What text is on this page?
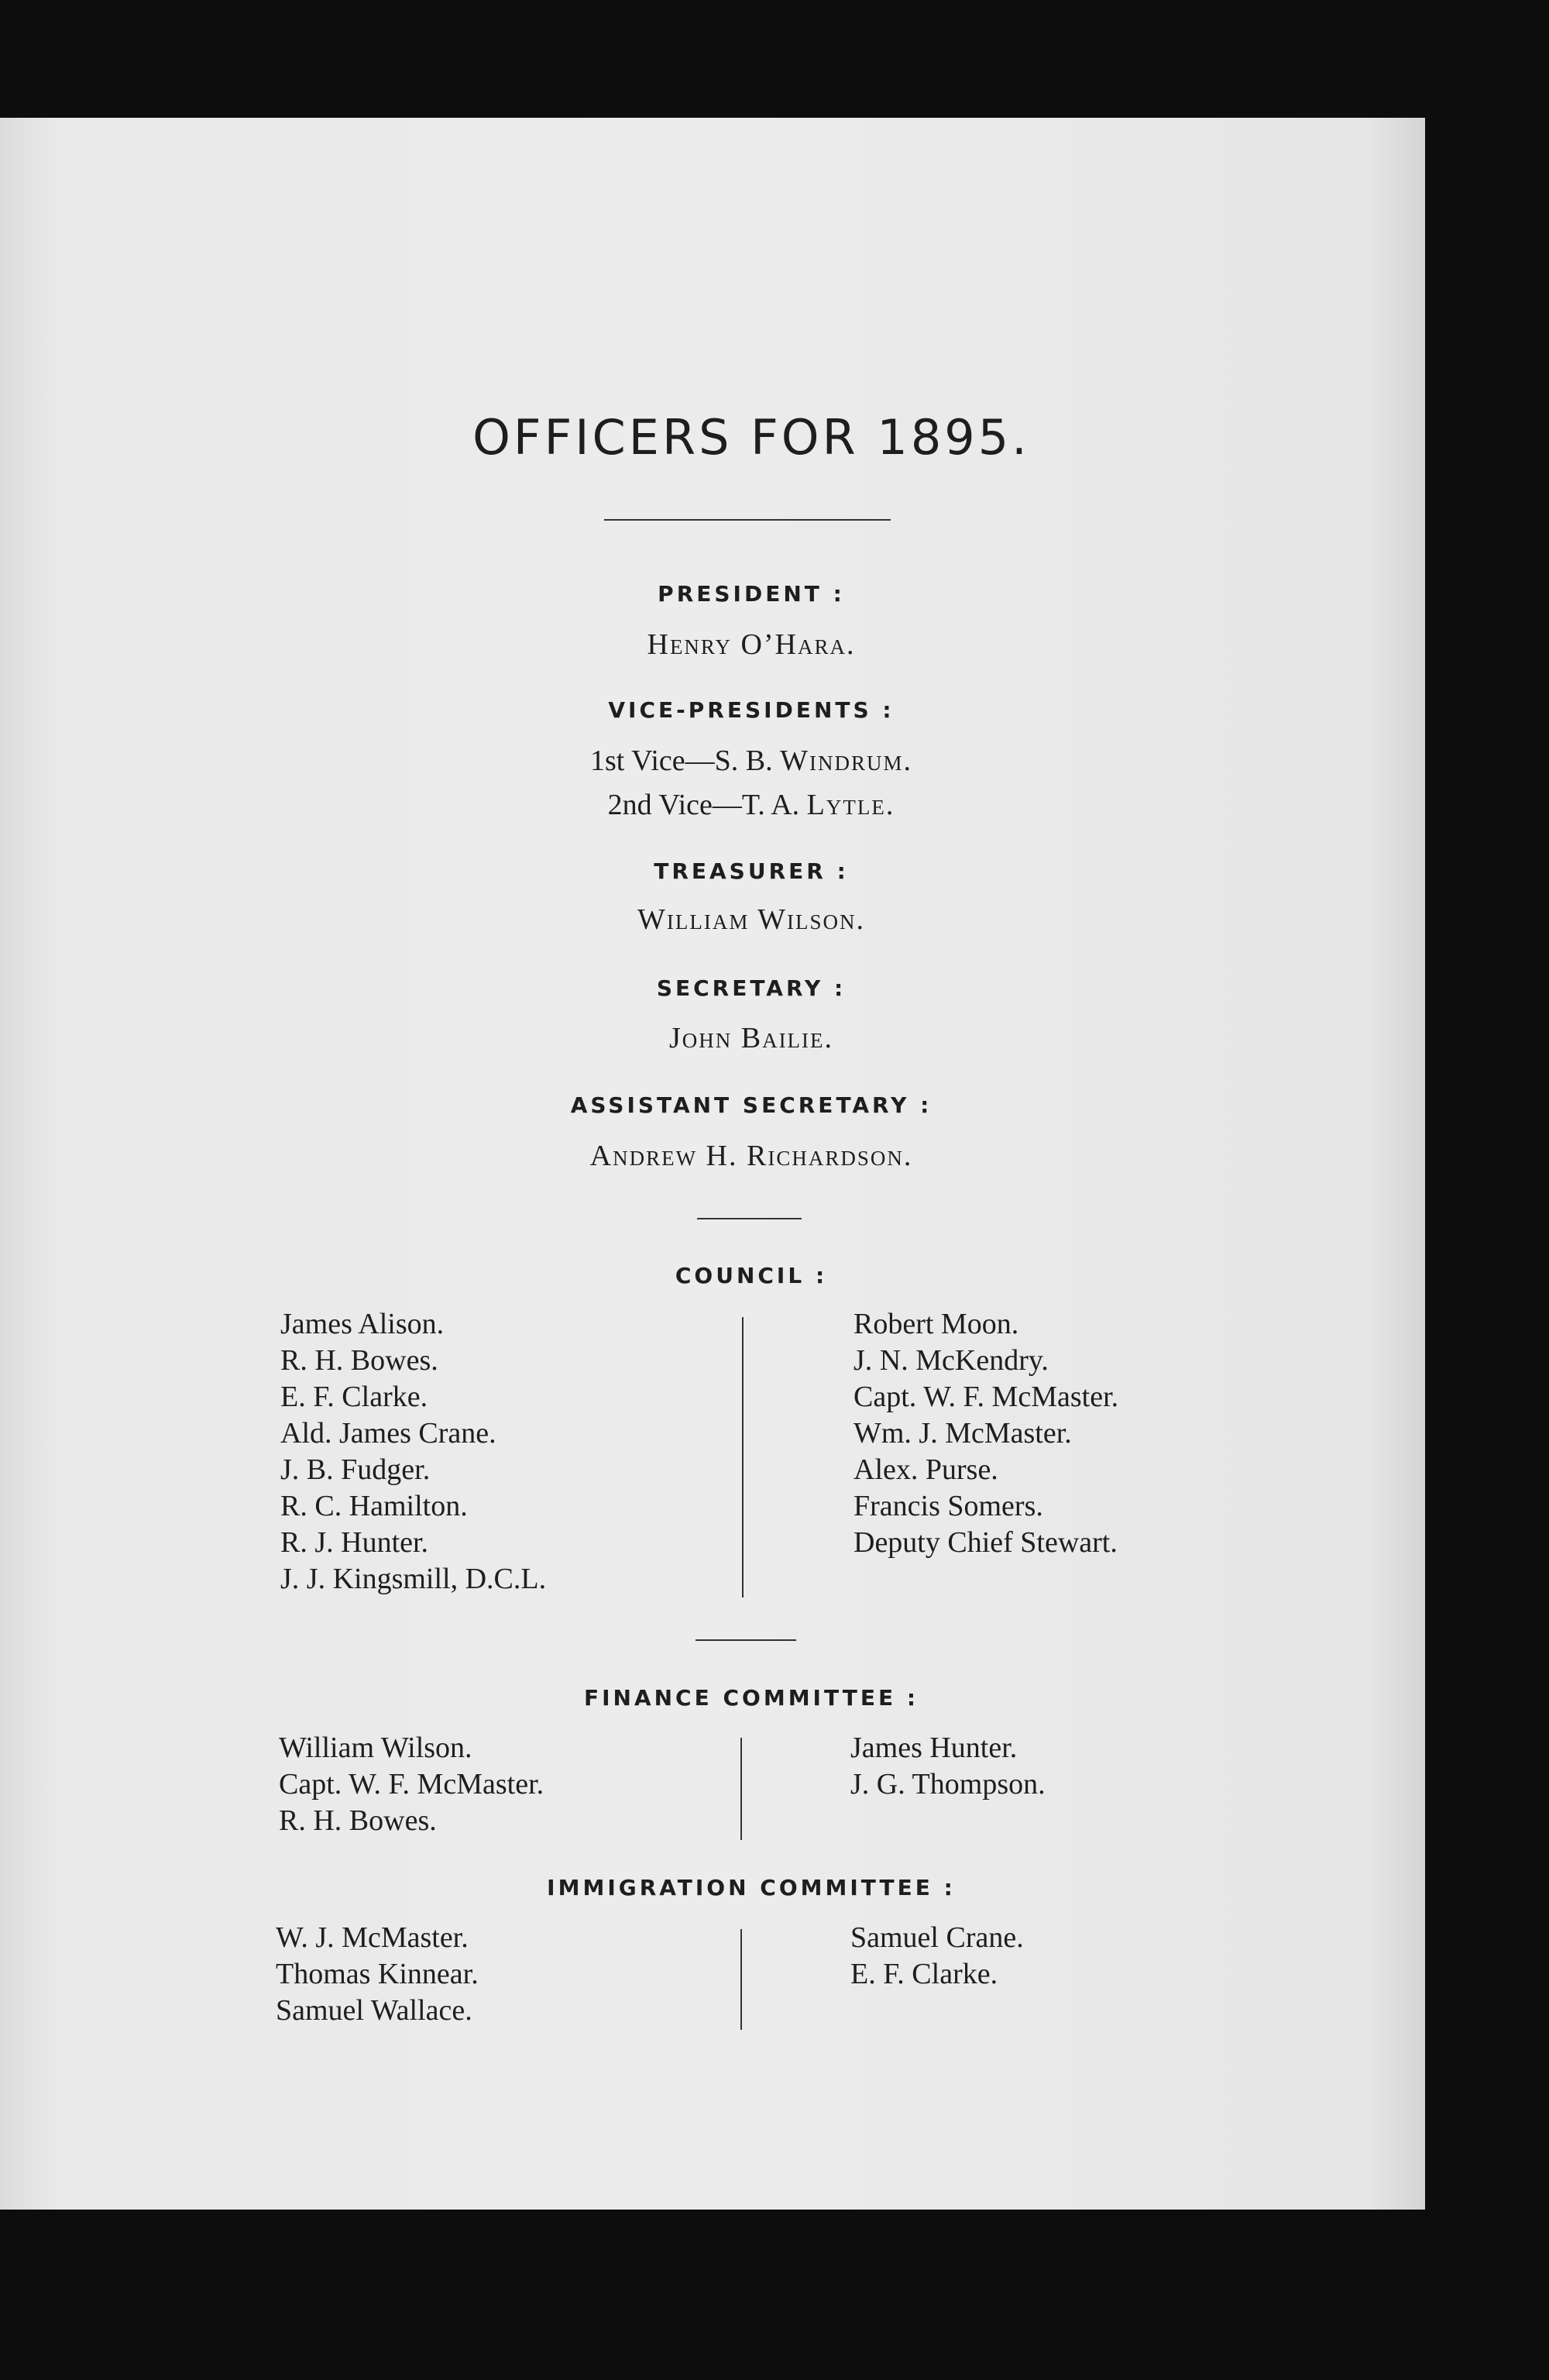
OFFICERS FOR 1895.
PRESIDENT :
Henry O’Hara.
VICE-PRESIDENTS :
1st Vice—S. B. Windrum.
2nd Vice—T. A. Lytle.
TREASURER :
William Wilson.
SECRETARY :
John Bailie.
ASSISTANT SECRETARY :
Andrew H. Richardson.
COUNCIL :
James Alison.
R. H. Bowes.
E. F. Clarke.
Ald. James Crane.
J. B. Fudger.
R. C. Hamilton.
R. J. Hunter.
J. J. Kingsmill, D.C.L.
Robert Moon.
J. N. McKendry.
Capt. W. F. McMaster.
Wm. J. McMaster.
Alex. Purse.
Francis Somers.
Deputy Chief Stewart.
FINANCE COMMITTEE :
William Wilson.
Capt. W. F. McMaster.
R. H. Bowes.
James Hunter.
J. G. Thompson.
IMMIGRATION COMMITTEE :
W. J. McMaster.
Thomas Kinnear.
Samuel Wallace.
Samuel Crane.
E. F. Clarke.
